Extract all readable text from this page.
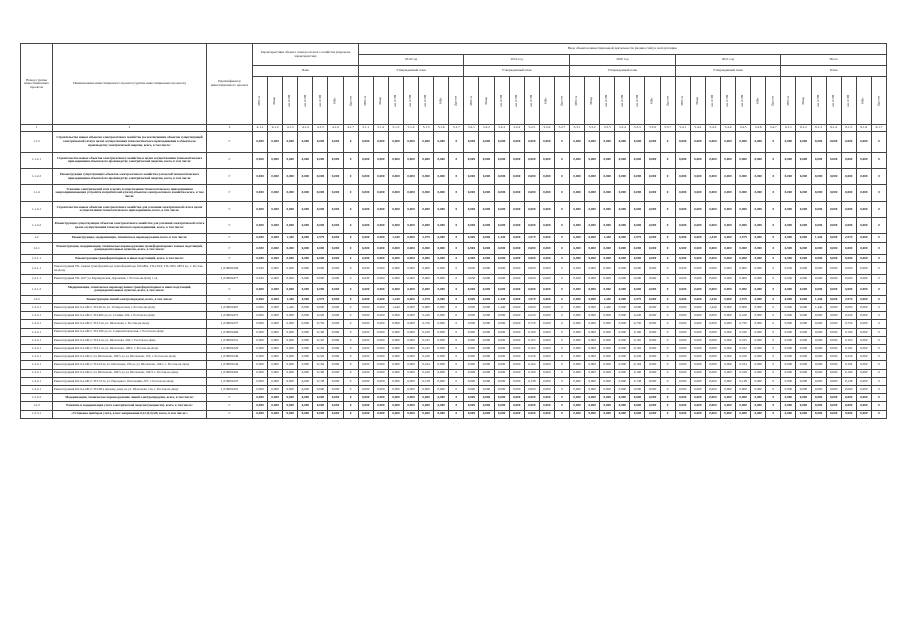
Номер группы инвестиционных проектов	Наименование инвестиционного проекта (группы инвестиционных проектов)	Идентификатор инвестиционного проекта	Характеристики объекта электросетевого хозяйства (перечень характеристик)							Ввод объектов инвестиционной деятельности (мощностей) в эксплуатацию																																		
										2019 год							2019 год							2020 год							2021 год							Итого						
			План							Утвержденный план							Утвержденный план							Утвержденный план							Утвержденный план							План						
			МВ×А	Мвар	км ЛЭП	км ЛЭП	км ЛЭП	МВт	Другое	МВ×А	Мвар	км ЛЭП	км ЛЭП	км ЛЭП	МВт	Другое	МВ×А	Мвар	км ЛЭП	км ЛЭП	км ЛЭП	МВт	Другое	МВ×А	Мвар	км ЛЭП	км ЛЭП	км ЛЭП	МВт	Другое	МВ×А	Мвар	км ЛЭП	км ЛЭП	км ЛЭП	МВт	Другое	МВ×А	Мвар	км ЛЭП	км ЛЭП	км ЛЭП	МВт	Другое
1	2	3	4.1.1	4.1.2	4.1.3	4.1.4	4.1.5	4.1.6	4.1.7	5.1.1	5.1.2	5.1.3	5.1.4	5.1.5	5.1.6	5.1.7	5.2.1	5.2.2	5.2.3	5.2.4	5.2.5	5.2.6	5.2.7	5.3.1	5.3.2	5.3.3	5.3.4	5.3.5	5.3.6	5.3.7	5.4.1	5.4.2	5.4.3	5.4.4	5.4.5	5.4.6	5.4.7	6.1.1	6.1.2	6.1.3	6.1.4	6.1.5	6.1.6	6.1.7
1.1.2	Строительство новых объектов электросетевого хозяйства (за исключением объектов существующей электрической сети) в целях осуществления технологического присоединения в объекты по производству электрической энергии, всего, в том числе:	Г	0,000	0,000	0,000	0,000	0,000	0,000	0	0,000	0,000	0,000	0,000	0,000	0,000	0	0,000	0,000	0,000	0,000	0,000	0,000	0	0,000	0,000	0,000	0,000	0,000	0,000	0	0,000	0,000	0,000	0,000	0,000	0,000	0	0,000	0,000	0,000	0,000	0,000	0,000	0
1.1.2.1	Строительство новых объектов электросетевого хозяйства в целях осуществления технологического присоединения объектов по производству электрической энергии, всего, в том числе:	Г	0,000	0,000	0,000	0,000	0,000	0,000	0	0,000	0,000	0,000	0,000	0,000	0,000	0	0,000	0,000	0,000	0,000	0,000	0,000	0	0,000	0,000	0,000	0,000	0,000	0,000	0	0,000	0,000	0,000	0,000	0,000	0,000	0	0,000	0,000	0,000	0,000	0,000	0,000	0
1.1.2.2	Реконструкция существующих объектов электросетевого хозяйства для целей технологического присоединения объектов по производству электрической энергии, всего, в том числе:	Г	0,000	0,000	0,000	0,000	0,000	0,000	0	0,000	0,000	0,000	0,000	0,000	0,000	0	0,000	0,000	0,000	0,000	0,000	0,000	0	0,000	0,000	0,000	0,000	0,000	0,000	0	0,000	0,000	0,000	0,000	0,000	0,000	0	0,000	0,000	0,000	0,000	0,000	0,000	0
1.1.4	Усиление электрической сети в целях осуществления технологического присоединения энергопринимающих устройств потребителей и (или) объектов электросетевого хозяйства всего, в том числе:	Г	0,000	0,000	0,000	0,000	0,000	0,000	0	0,000	0,000	0,000	0,000	0,000	0,000	0	0,000	0,000	0,000	0,000	0,000	0,000	0	0,000	0,000	0,000	0,000	0,000	0,000	0	0,000	0,000	0,000	0,000	0,000	0,000	0	0,000	0,000	0,000	0,000	0,000	0,000	0
1.1.4.1	Строительство новых объектов электросетевого хозяйства для усиления электрической сети в целях осуществления технологического присоединения, всего, в том числе:	Г	0,000	0,000	0,000	0,000	0,000	0,000	0	0,000	0,000	0,000	0,000	0,000	0,000	0	0,000	0,000	0,000	0,000	0,000	0,000	0	0,000	0,000	0,000	0,000	0,000	0,000	0	0,000	0,000	0,000	0,000	0,000	0,000	0	0,000	0,000	0,000	0,000	0,000	0,000	0
1.1.4.2	Реконструкция существующих объектов электросетевого хозяйства для усиления электрической сети в целях осуществления технологического присоединения, всего, в том числе:	Г	0,000	0,000	0,000	0,000	0,000	0,000	0	0,000	0,000	0,000	0,000	0,000	0,000	0	0,000	0,000	0,000	0,000	0,000	0,000	0	0,000	0,000	0,000	0,000	0,000	0,000	0	0,000	0,000	0,000	0,000	0,000	0,000	0	0,000	0,000	0,000	0,000	0,000	0,000	0
1.2	Реконструкция, модернизация, техническое перевооружение всего, в том числе:	Г	6,900	0,000	1,440	0,000	2,979	0,000	0	6,900	0,000	1,440	0,000	2,979	0,000	0	6,900	0,000	1,440	0,000	2,979	0,000	0	6,900	0,000	1,440	0,000	2,979	0,000	0	6,900	0,000	1,440	0,000	2,979	0,000	0	6,900	0,000	1,440	0,000	2,979	0,000	0
1.2.1	Реконструкция, модернизация, техническое перевооружение трансформаторных и иных подстанций, распределительных пунктов, всего, в том числе:	Г	6,900	0,000	0,000	0,000	0,000	0,000	0	6,900	0,000	0,000	0,000	0,000	0,000	0	6,900	0,000	0,000	0,000	0,000	0,000	0	6,900	0,000	0,000	0,000	0,000	0,000	0	6,900	0,000	0,000	0,000	0,000	0,000	0	6,900	0,000	0,000	0,000	0,000	0,000	0
1.2.1.1	Реконструкция трансформаторных и иных подстанций, всего, в том числе:	Г	6,900	0,000	0,000	0,000	0,000	0,000	0	6,900	0,000	0,000	0,000	0,000	0,000	0	6,900	0,000	0,000	0,000	0,000	0,000	0	6,900	0,000	0,000	0,000	0,000	0,000	0	6,900	0,000	0,000	0,000	0,000	0,000	0	6,900	0,000	0,000	0,000	0,000	0,000	0
1.2.1.1	Реконструкция ТП, замена трансформатора трансформатора 160 кВА, ТП-219/4, ТП-1003, кВ+4 ед., г. Ростов-на-Дону	I_018000184	0,630	0,000	0,000	0,000	0,000	0,000	0	0,630	0,000	0,000	0,000	0,000	0,000	0	0,630	0,000	0,000	0,000	0,000	0,000	0	0,630	0,000	0,000	0,000	0,000	0,000	0	0,630	0,000	0,000	0,000	0,000	0,000	0	0,630	0,000	0,000	0,000	0,000	0,000	0
1.2.1.1	Реконструкция ТП-1107 ул. Барнаульская, Дорожная, г. Ростов-на-Дону 1 ед.	I_018002477	0,630	0,000	0,000	0,000	0,000	0,000	0	0,630	0,000	0,000	0,000	0,000	0,000	0	0,630	0,000	0,000	0,000	0,000	0,000	0	0,630	0,000	0,000	0,000	0,000	0,000	0	0,630	0,000	0,000	0,000	0,000	0,000	0	0,630	0,000	0,000	0,000	0,000	0,000	0
1.2.1.2	Модернизация, техническое перевооружение трансформаторных и иных подстанций, распределительных пунктов, всего, в том числе:	Г	0,000	0,000	0,000	0,000	0,000	0,000	0	0,000	0,000	0,000	0,000	0,000	0,000	0	0,000	0,000	0,000	0,000	0,000	0,000	0	0,000	0,000	0,000	0,000	0,000	0,000	0	0,000	0,000	0,000	0,000	0,000	0,000	0	0,000	0,000	0,000	0,000	0,000	0,000	0
1.2.2	Реконструкция линий электропередачи, всего, в том числе:	Г	0,000	0,000	1,440	0,000	2,979	0,000	0	0,000	0,000	1,440	0,000	2,979	0,000	0	0,000	0,000	1,440	0,000	2,979	0,000	0	0,000	0,000	1,440	0,000	2,979	0,000	0	0,000	0,000	1,440	0,000	2,979	0,000	0	0,000	0,000	1,440	0,000	2,979	0,000	0
1.2.2.1	Реконструкция КЛ-0,4 кВ от ТП-26 по ул. Таганрогская, г. Ростов-на-Дону	I_018002467	0,000	0,000	1,440	0,000	0,000	0,000	0	0,000	0,000	1,440	0,000	0,000	0,000	0	0,000	0,000	1,440	0,000	0,000	0,000	0	0,000	0,000	1,440	0,000	0,000	0,000	0	0,000	0,000	1,440	0,000	0,000	0,000	0	0,000	0,000	1,440	0,000	0,000	0,000	0
1.2.2.1	Реконструкция КЛ-0,4 кВ от ТП-484 до ул. Станки, 226, г. Ростов-на-Дону	I_018002475	0,000	0,000	0,000	0,000	0,220	0,000	0	0,000	0,000	0,000	0,000	0,220	0,000	0	0,000	0,000	0,000	0,000	0,220	0,000	0	0,000	0,000	0,000	0,000	0,220	0,000	0	0,000	0,000	0,000	0,000	0,220	0,000	0	0,000	0,000	0,000	0,000	0,220	0,000	0
1.2.2.1	Реконструкция КЛ-0,4 кВ от ТП-3 по ул. Шолохова, г. Ростов-на-Дону	I_018002237	0,000	0,000	0,000	0,000	0,750	0,000	0	0,000	0,000	0,000	0,000	0,750	0,000	0	0,000	0,000	0,000	0,000	0,750	0,000	0	0,000	0,000	0,000	0,000	0,750	0,000	0	0,000	0,000	0,000	0,000	0,750	0,000	0	0,000	0,000	0,000	0,000	0,750	0,000	0
1.2.2.1	Реконструкция КЛ-0,4 кВ от ТП-180 до ул. Социалистическая, г. Ростов-на-Дону	I_018002466	0,000	0,000	0,000	0,000	0,160	0,000	0	0,000	0,000	0,000	0,000	0,160	0,000	0	0,000	0,000	0,000	0,000	0,160	0,000	0	0,000	0,000	0,000	0,000	0,160	0,000	0	0,000	0,000	0,000	0,000	0,160	0,000	0	0,000	0,000	0,000	0,000	0,160	0,000	0
1.2.2.1	Реконструкция КЛ-0,4 кВ от ТП-4 по ул. Шолохова, 204, г. Ростов-на-Дону	I_018002251	0,000	0,000	0,000	0,000	0,165	0,000	0	0,000	0,000	0,000	0,000	0,165	0,000	0	0,000	0,000	0,000	0,000	0,165	0,000	0	0,000	0,000	0,000	0,000	0,165	0,000	0	0,000	0,000	0,000	0,000	0,165	0,000	0	0,000	0,000	0,000	0,000	0,165	0,000	0
1.2.2.1	Реконструкция КЛ-0,4 кВ от ТП-1 по ул. Шолохова, 199/2, г. Ростов-на-Дону	I_018002229	0,000	0,000	0,000	0,000	0,162	0,000	0	0,000	0,000	0,000	0,000	0,162	0,000	0	0,000	0,000	0,000	0,000	0,162	0,000	0	0,000	0,000	0,000	0,000	0,162	0,000	0	0,000	0,000	0,000	0,000	0,162	0,000	0	0,000	0,000	0,000	0,000	0,162	0,000	0
1.2.2.1	Реконструкция КЛ-0,4 кВ от ул. Шолохова, 199/5 до ул. Шолохова, 195, г. Ростов-на-Дону	I_018002249	0,000	0,000	0,000	0,000	0,226	0,000	0	0,000	0,000	0,000	0,000	0,226	0,000	0	0,000	0,000	0,000	0,000	0,226	0,000	0	0,000	0,000	0,000	0,000	0,226	0,000	0	0,000	0,000	0,000	0,000	0,226	0,000	0	0,000	0,000	0,000	0,000	0,226	0,000	0
1.2.2.1	Реконструкция КЛ-0,4 кВ от ТП-43 по ул. Шолохова, 196 до ул. Шолохова, 194/1, г. Ростов-на-Дону	I_018002544	0,000	0,000	0,000	0,000	0,164	0,000	0	0,000	0,000	0,000	0,000	0,164	0,000	0	0,000	0,000	0,000	0,000	0,164	0,000	0	0,000	0,000	0,000	0,000	0,164	0,000	0	0,000	0,000	0,000	0,000	0,164	0,000	0	0,000	0,000	0,000	0,000	0,164	0,000	0
1.2.2.1	Реконструкция КЛ-0,4 кВ от ул. Шолохова, 196/5 до ул. Шолохова, 196/3, г. Ростов-на-Дону	I_018002492	0,000	0,000	0,000	0,000	0,160	0,000	0	0,000	0,000	0,000	0,000	0,160	0,000	0	0,000	0,000	0,000	0,000	0,160	0,000	0	0,000	0,000	0,000	0,000	0,160	0,000	0	0,000	0,000	0,000	0,000	0,160	0,000	0	0,000	0,000	0,000	0,000	0,160	0,000	0
1.2.2.1	Реконструкция КЛ-0,4 кВ от ТП-72 по ул. Народного Ополчения, 207, г. Ростов-на-Дону	I_018002225	0,000	0,000	0,000	0,000	0,138	0,000	0	0,000	0,000	0,000	0,000	0,138	0,000	0	0,000	0,000	0,000	0,000	0,138	0,000	0	0,000	0,000	0,000	0,000	0,138	0,000	0	0,000	0,000	0,000	0,000	0,138	0,000	0	0,000	0,000	0,000	0,000	0,138	0,000	0
1.2.2.1	Реконструкция КЛ-0,4 кВ от ТП-68 к жилому дому по ул. Шолохова, 15а, г. Ростов-на-Дону	I_018002261	0,000	0,000	0,000	0,000	0,000	0,000	0	0,000	0,000	0,000	0,000	0,000	0,000	0	0,000	0,000	0,000	0,000	0,000	0,000	0	0,000	0,000	0,000	0,000	0,000	0,000	0	0,000	0,000	0,000	0,000	0,000	0,000	0	0,000	0,000	0,000	0,000	0,000	0,000	0
1.2.2.2	Модернизация, техническое перевооружение линий электропередачи, всего, в том числе:	Г	0,000	0,000	0,000	0,000	0,000	0,000	0	0,000	0,000	0,000	0,000	0,000	0,000	0	0,000	0,000	0,000	0,000	0,000	0,000	0	0,000	0,000	0,000	0,000	0,000	0,000	0	0,000	0,000	0,000	0,000	0,000	0,000	0	0,000	0,000	0,000	0,000	0,000	0,000	0
1.2.3	Развитие и модернизация учета электрической энергии (мощности), всего, в том числе:	Г	0,000	0,000	0,000	0,000	0,000	0,000	0	0,000	0,000	0,000	0,000	0,000	0,000	0	0,000	0,000	0,000	0,000	0,000	0,000	0	0,000	0,000	0,000	0,000	0,000	0,000	0	0,000	0,000	0,000	0,000	0,000	0,000	0	0,000	0,000	0,000	0,000	0,000	0,000	0
1.2.3.1	«Установка приборов учета, класс напряжения 0,22 (0,4) кВ, всего, в том числе:»	Г	0,000	0,000	0,000	0,000	0,000	0,000	0	0,000	0,000	0,000	0,000	0,000	0,000	0	0,000	0,000	0,000	0,000	0,000	0,000	0	0,000	0,000	0,000	0,000	0,000	0,000	0	0,000	0,000	0,000	0,000	0,000	0,000	0	0,000	0,000	0,000	0,000	0,000	0,000	0
